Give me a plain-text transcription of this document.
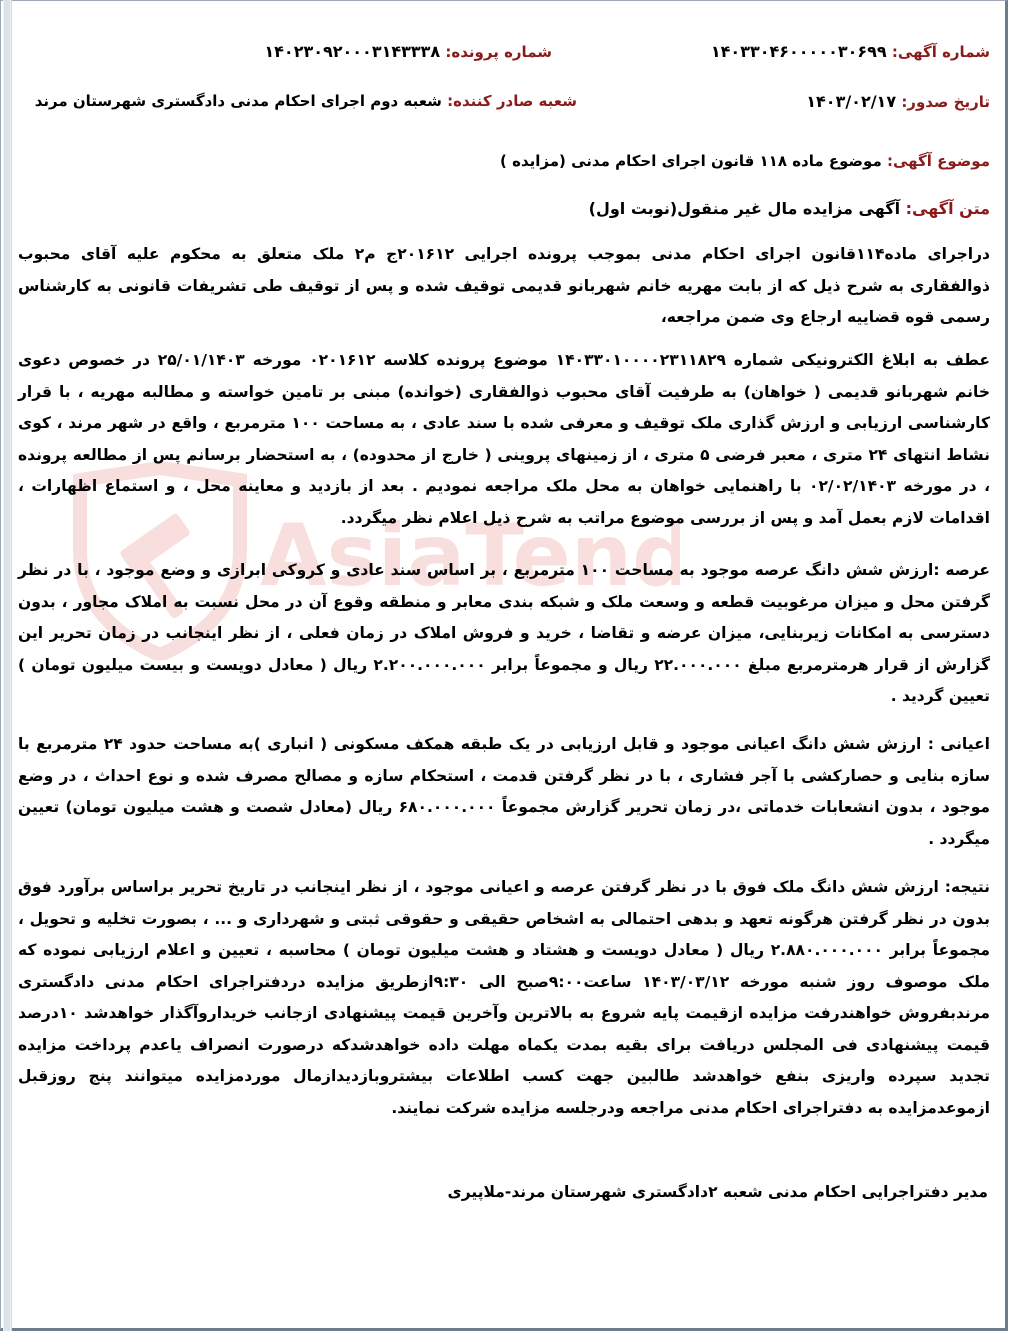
شماره آگهی: ۱۴۰۳۳۰۴۶۰۰۰۰۰۳۰۶۹۹
شماره پرونده: ۱۴۰۲۳۰۹۲۰۰۰۳۱۴۳۳۳۸
تاریخ صدور: ۱۴۰۳/۰۲/۱۷
شعبه صادر کننده: شعبه دوم اجرای احکام مدنی دادگستری شهرستان مرند
موضوع آگهی: موضوع ماده ۱۱۸ قانون اجرای احکام مدنی (مزایده )
متن آگهی: آگهی مزایده مال غیر منقول(نوبت اول)
دراجرای ماده۱۱۴قانون اجرای احکام مدنی بموجب پرونده اجرایی ۲۰۱۶۱۲ج م۲ ملک متعلق به محکوم علیه آقای محبوب ذوالفقاری به شرح ذیل که از بابت مهریه خانم شهربانو قدیمی توقیف شده و پس از توقیف طی تشریفات قانونی به کارشناس رسمی قوه قضاییه ارجاع وی ضمن مراجعه،
عطف به ابلاغ الکترونیکی شماره ۱۴۰۳۳۰۱۰۰۰۰۲۳۱۱۸۲۹ موضوع پرونده کلاسه ۰۲۰۱۶۱۲ مورخه ۲۵/۰۱/۱۴۰۳ در خصوص دعوی خانم شهربانو قدیمی ( خواهان) به طرفیت آقای محبوب ذوالفقاری (خوانده) مبنی بر تامین خواسته و مطالبه مهریه ، با قرار کارشناسی ارزیابی و ارزش گذاری ملک توقیف و معرفی شده با سند عادی ، به مساحت ۱۰۰ مترمربع ، واقع در شهر مرند ، کوی نشاط انتهای ۲۴ متری ، معبر فرضی ۵ متری ، از زمینهای پروینی ( خارج از محدوده) ، به استحضار برسانم پس از مطالعه پرونده ، در مورخه ۰۲/۰۲/۱۴۰۳ با راهنمایی خواهان به محل ملک مراجعه نمودیم . بعد از بازدید و معاینه محل ، و استماع اظهارات ، اقدامات لازم بعمل آمد و پس از بررسی موضوع مراتب به شرح ذیل اعلام نظر میگردد.
عرصه :ارزش شش دانگ عرصه موجود به مساحت ۱۰۰ مترمربع ، بر اساس سند عادی و کروکی ابرازی و وضع موجود ، با در نظر گرفتن محل و میزان مرغوبیت قطعه و وسعت ملک و شبکه بندی معابر و منطقه وقوع آن در محل نسبت به املاک مجاور ، بدون دسترسی به امکانات زیربنایی، میزان عرضه و تقاضا ، خرید و فروش املاک در زمان فعلی ، از نظر اینجانب در زمان تحریر این گزارش از قرار هرمترمربع مبلغ ۲۲.۰۰۰.۰۰۰ ریال و مجموعاً برابر ۲.۲۰۰.۰۰۰.۰۰۰ ریال ( معادل دویست و بیست میلیون تومان ) تعیین گردید .
اعیانی : ارزش شش دانگ اعیانی موجود و قابل ارزیابی در یک طبقه همکف مسکونی ( انباری )به مساحت حدود ۲۴ مترمربع با سازه بنایی و حصارکشی با آجر فشاری ، با در نظر گرفتن قدمت ، استحکام سازه و مصالح مصرف شده و نوع احداث ، در وضع موجود ، بدون انشعابات خدماتی ،در زمان تحریر گزارش مجموعاً ۶۸۰.۰۰۰.۰۰۰ ریال (معادل شصت و هشت میلیون تومان) تعیین میگردد .
نتیجه: ارزش شش دانگ ملک فوق با در نظر گرفتن عرصه و اعیانی موجود ، از نظر اینجانب در تاریخ تحریر براساس برآورد فوق بدون در نظر گرفتن هرگونه تعهد و بدهی احتمالی به اشخاص حقیقی و حقوقی ثبتی و شهرداری و ... ، بصورت تخلیه و تحویل ، مجموعاً برابر ۲.۸۸۰.۰۰۰.۰۰۰ ریال ( معادل دویست و هشتاد و هشت میلیون تومان ) محاسبه ، تعیین و اعلام ارزیابی نموده که ملک موصوف روز شنبه مورخه ۱۴۰۳/۰۳/۱۲ ساعت۹:۰۰صبح الی ۹:۳۰ازطریق مزایده دردفتراجرای احکام مدنی دادگستری مرندبفروش خواهندرفت مزایده ازقیمت پایه شروع به بالاترین وآخرین قیمت پیشنهادی ازجانب خریداروآگذار خواهدشد ۱۰درصد قیمت پیشنهادی فی المجلس دریافت برای بقیه بمدت یکماه مهلت داده خواهدشدکه درصورت انصراف یاعدم پرداخت مزایده تجدید سپرده واریزی بنفع خواهدشد طالبین جهت کسب اطلاعات بیشتروبازدیدازمال موردمزایده میتوانند پنج روزقبل ازموعدمزایده به دفتراجرای احکام مدنی مراجعه ودرجلسه مزایده شرکت نمایند.
مدیر دفتراجرایی احکام مدنی شعبه ۲دادگستری شهرستان مرند-ملاپیری
